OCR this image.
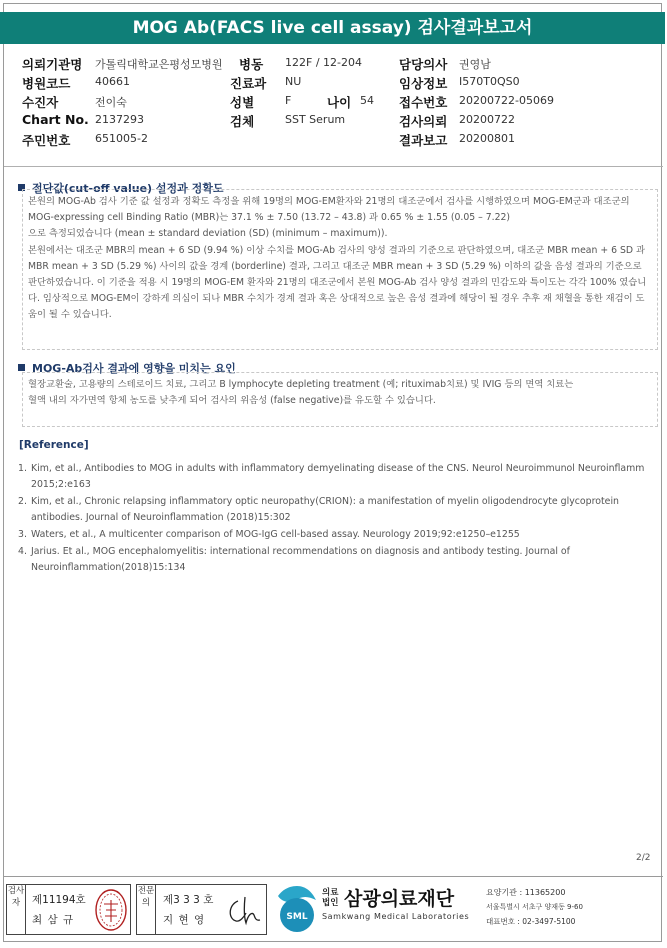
MOG Ab(FACS live cell assay) 검사결과보고서
의뢰기관명 가톨릭대학교은평성모병원 병동 122F / 12-204	담당의사 권영남
병원코드 40661	진료과 NU	임상정보 I570T0QS0
수진자	전이숙	성별	F	나이 54 접수번호 20200722-05069
Chart No. 2137293	검체	SST Serum	검사의뢰 20200722
주민번호 651005-2	결과보고 20200801
절단값(cut-off value) 설정과 정확도

본원의 MOG-Ab 검사 기준 값 설정과 정확도 측정을 위해 19명의 MOG-EM환자와 21명의 대조군에서 검사를 시행하였으며 MOG-EM군과 대조군의 MOG-expressing cell Binding Ratio (MBR)는 37.1 % ± 7.50 (13.72 – 43.8) 과 0.65 % ± 1.55 (0.05 – 7.22)

으로 측정되었습니다 (mean ± standard deviation (SD) (minimum – maximum)).

본원에서는 대조군 MBR의 mean + 6 SD (9.94 %) 이상 수치를 MOG-Ab 검사의 양성 결과의 기준으로 판단하였으며, 대조군 MBR mean + 6 SD 과 MBR mean + 3 SD (5.29 %) 사이의 값을 경계 (borderline) 결과, 그리고 대조군 MBR mean + 3 SD (5.29 %) 이하의 값을 음성 결과의 기준으로 판단하였습니다. 이 기준을 적용 시 19명의 MOG-EM 환자와 21명의 대조군에서 본원 MOG-Ab 검사 양성 결과의 민감도와 특이도는 각각 100% 였습니다. 임상적으로 MOG-EM이 강하게 의심이 되나 MBR 수치가 경계 결과 혹은 상대적으로 높은 음성 결과에 해당이 될 경우 추후 재 채혈을 통한 재검이 도움이 될 수 있습니다.

MOG-Ab검사 결과에 영향을 미치는 요인

혈장교환술, 고용량의 스테로이드 치료, 그리고 B lymphocyte depleting treatment (예; rituximab치료) 및 IVIG 등의 면역 치료는

혈액 내의 자가면역 항체 농도를 낮추게 되어 검사의 위음성 (false negative)를 유도할 수 있습니다.

[Reference]
1. Kim, et al., Antibodies to MOG in adults with inflammatory demyelinating disease of the CNS. Neurol Neuroimmunol Neuroinflamm 2015;2:e163
2. Kim, et al., Chronic relapsing inflammatory optic neuropathy(CRION): a manifestation of myelin oligodendrocyte glycoprotein antibodies. Journal of Neuroinflammation (2018)15:302
3. Waters, et al., A multicenter comparison of MOG-IgG cell-based assay. Neurology 2019;92:e1250–e1255
4. Jarius. Et al., MOG encephalomyelitis: international recommendations on diagnosis and antibody testing. Journal of Neuroinflammation(2018)15:134
2/2
검사자	제11194호
최 삼 규
전문의	제3 3 3 호
지 현 영	SML
의료
법인 삼광의료재단
Samkwang Medical Laboratories
요양기관 : 11365200
서울특별시 서초구 양재동 9-60
대표번호 : 02-3497-5100
